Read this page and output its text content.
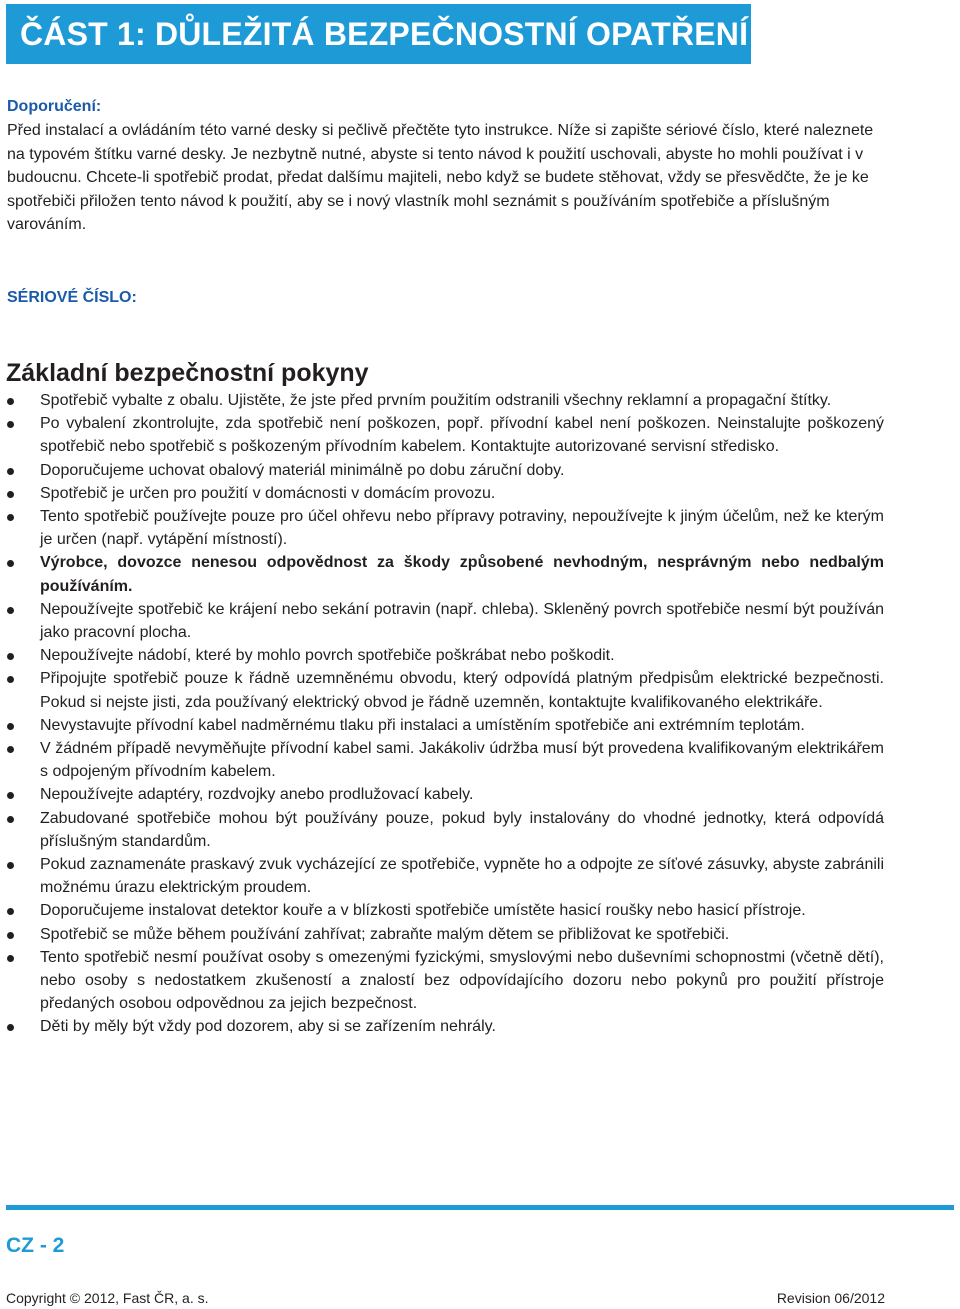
ČÁST 1: DŮLEŽITÁ BEZPEČNOSTNÍ OPATŘENÍ
Doporučení:

Před instalací a ovládáním této varné desky si pečlivě přečtěte tyto instrukce. Níže si zapište sériové číslo, které naleznete na typovém štítku varné desky. Je nezbytně nutné, abyste si tento návod k použití uschovali, abyste ho mohli používat i v budoucnu. Chcete-li spotřebič prodat, předat dalšímu majiteli, nebo když se budete stěhovat, vždy se přesvědčte, že je ke spotřebiči přiložen tento návod k použití, aby se i nový vlastník mohl seznámit s používáním spotřebiče a příslušným varováním.

SÉRIOVÉ ČÍSLO:
Základní bezpečnostní pokyny
Spotřebič vybalte z obalu. Ujistěte, že jste před prvním použitím odstranili všechny reklamní a propagační štítky.
Po vybalení zkontrolujte, zda spotřebič není poškozen, popř. přívodní kabel není poškozen. Neinstalujte poškozený spotřebič nebo spotřebič s poškozeným přívodním kabelem. Kontaktujte autorizované servisní středisko.
Doporučujeme uchovat obalový materiál minimálně po dobu záruční doby.
Spotřebič je určen pro použití v domácnosti v domácím provozu.
Tento spotřebič používejte pouze pro účel ohřevu nebo přípravy potraviny, nepoužívejte k jiným účelům, než ke kterým je určen (např. vytápění místností).
Výrobce, dovozce nenesou odpovědnost za škody způsobené nevhodným, nesprávným nebo nedbalým používáním.
Nepoužívejte spotřebič ke krájení nebo sekání potravin (např. chleba). Skleněný povrch spotřebiče nesmí být používán jako pracovní plocha.
Nepoužívejte nádobí, které by mohlo povrch spotřebiče poškrábat nebo poškodit.
Připojujte spotřebič pouze k řádně uzemněnému obvodu, který odpovídá platným předpisům elektrické bezpečnosti. Pokud si nejste jisti, zda používaný elektrický obvod je řádně uzemněn, kontaktujte kvalifikovaného elektrikáře.
Nevystavujte přívodní kabel nadměrnému tlaku při instalaci a umístěním spotřebiče ani extrémním teplotám.
V žádném případě nevyměňujte přívodní kabel sami. Jakákoliv údržba musí být provedena kvalifikovaným elektrikářem s odpojeným přívodním kabelem.
Nepoužívejte adaptéry, rozdvojky anebo prodlužovací kabely.
Zabudované spotřebiče mohou být používány pouze, pokud byly instalovány do vhodné jednotky, která odpovídá příslušným standardům.
Pokud zaznamenáte praskavý zvuk vycházející ze spotřebiče, vypněte ho a odpojte ze síťové zásuvky, abyste zabránili možnému úrazu elektrickým proudem.
Doporučujeme instalovat detektor kouře a v blízkosti spotřebiče umístěte hasicí roušky nebo hasicí přístroje.
Spotřebič se může během používání zahřívat; zabraňte malým dětem se přibližovat ke spotřebiči.
Tento spotřebič nesmí používat osoby s omezenými fyzickými, smyslovými nebo duševními schopnostmi (včetně dětí), nebo osoby s nedostatkem zkušeností a znalostí bez odpovídajícího dozoru nebo pokynů pro použití přístroje předaných osobou odpovědnou za jejich bezpečnost.
Děti by měly být vždy pod dozorem, aby si se zařízením nehrály.
CZ - 2
Copyright © 2012, Fast ČR, a. s.	Revision 06/2012
